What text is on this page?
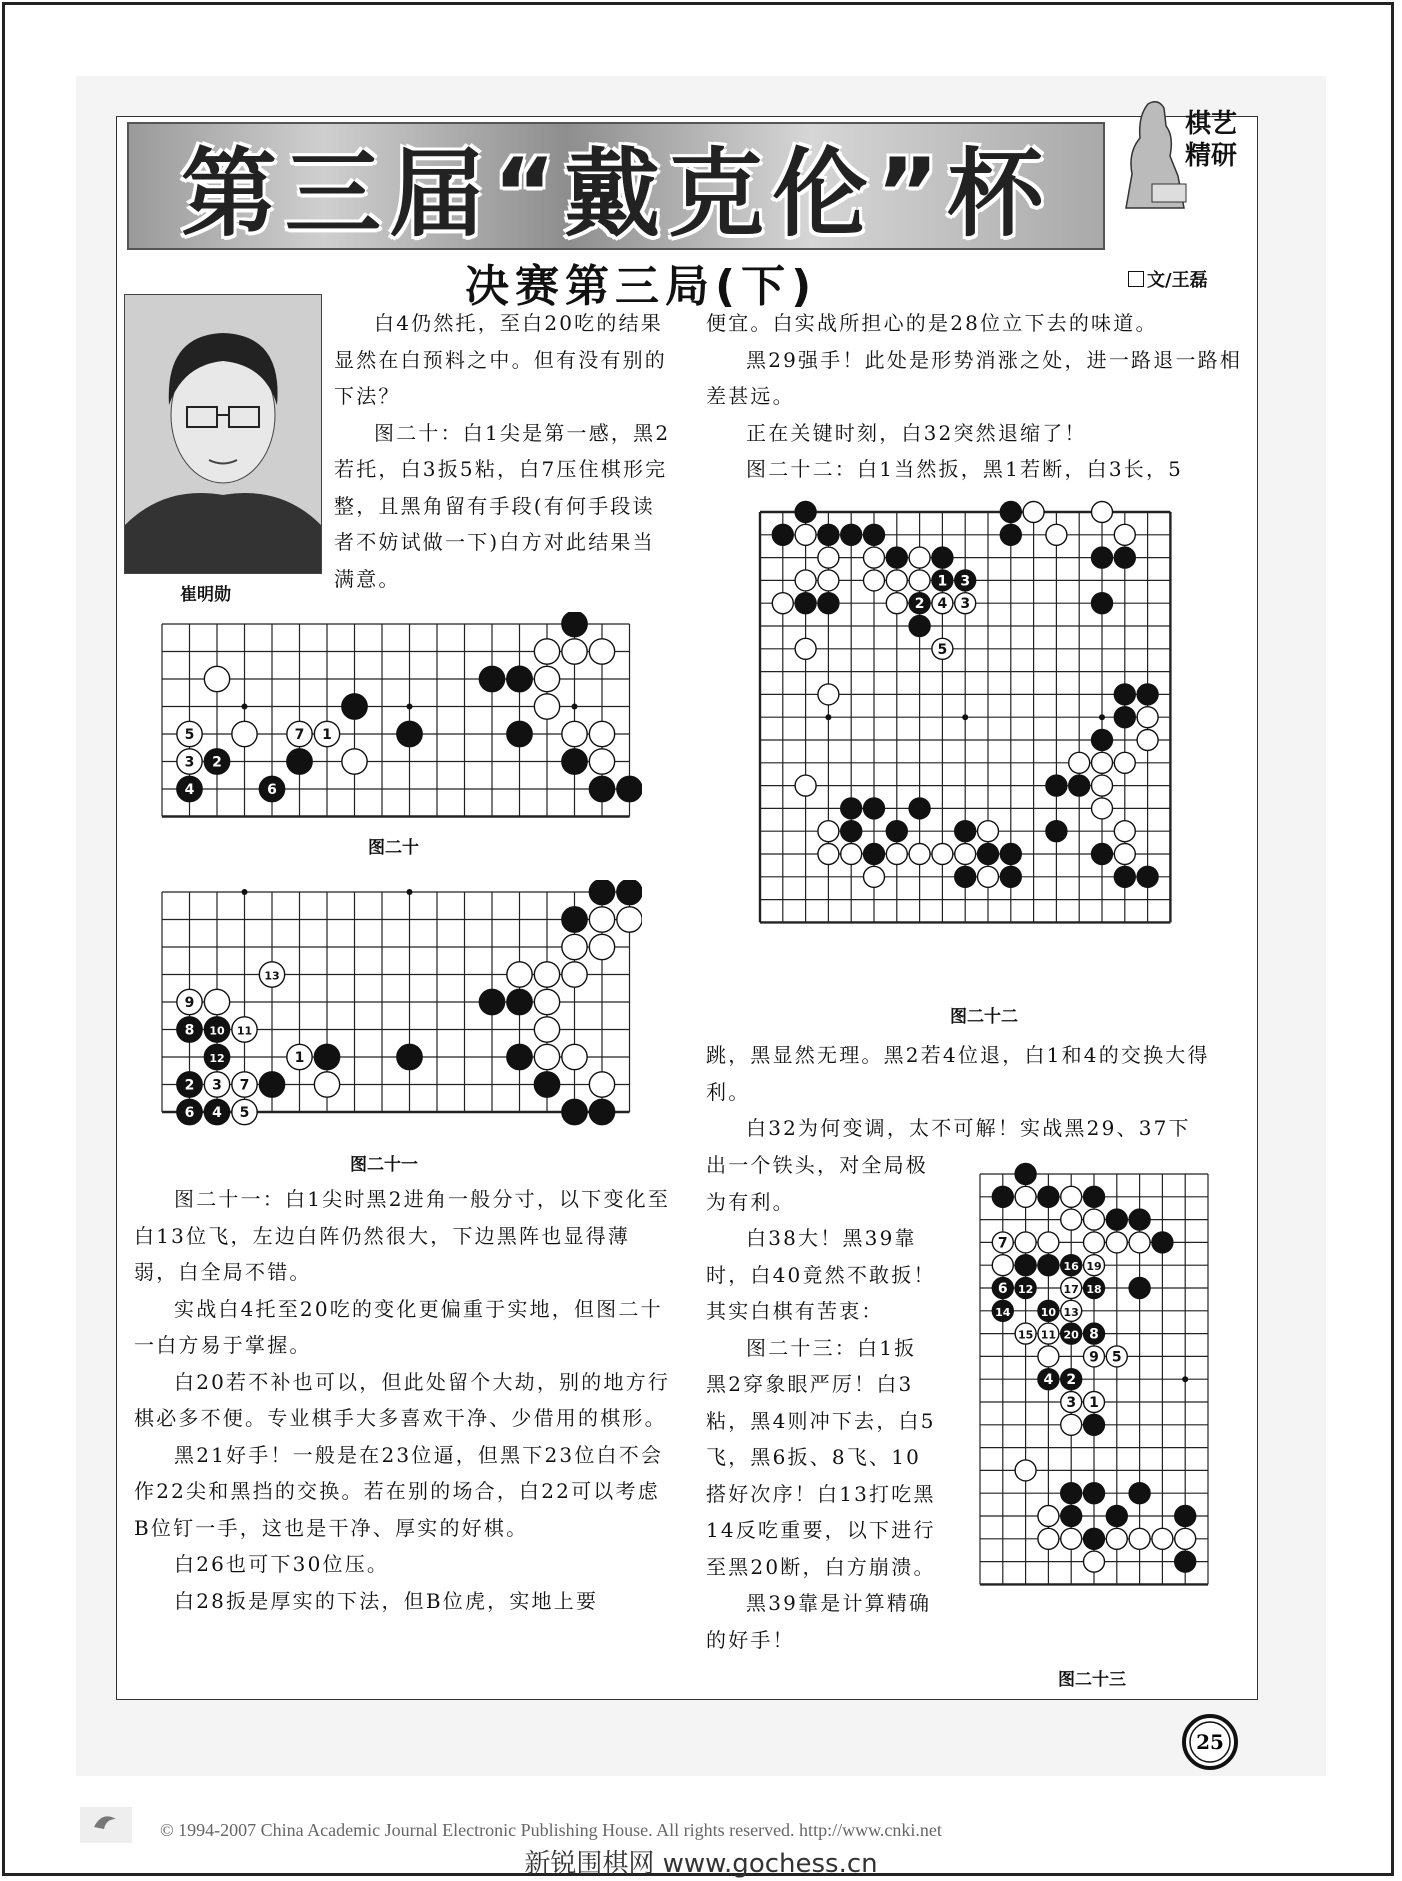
第三届“戴克伦”杯
棋艺精研
决赛第三局(下)	文/王磊
崔明勋

白4仍然托，至白20吃的结果显然在白预料之中。但有没有别的下法？

图二十：白1尖是第一感，黑2若托，白3扳5粘，白7压住棋形完整，且黑角留有手段(有何手段读者不妨试做一下)白方对此结果当满意。

5	7 1
3 2
4	6
图二十
13
9
8 10 11
12	1
2 3 7
6 4 5
图二十一

图二十一：白1尖时黑2进角一般分寸，以下变化至白13位飞，左边白阵仍然很大，下边黑阵也显得薄弱，白全局不错。

实战白4托至20吃的变化更偏重于实地，但图二十一白方易于掌握。

白20若不补也可以，但此处留个大劫，别的地方行棋必多不便。专业棋手大多喜欢干净、少借用的棋形。

黑21好手！一般是在23位逼，但黑下23位白不会作22尖和黑挡的交换。若在别的场合，白22可以考虑B位钉一手，这也是干净、厚实的好棋。

白26也可下30位压。

白28扳是厚实的下法，但B位虎，实地上要

便宜。白实战所担心的是28位立下去的味道。

黑29强手！此处是形势消涨之处，进一路退一路相差甚远。

正在关键时刻，白32突然退缩了！

图二十二：白1当然扳，黑1若断，白3长，5

1 3
2 4 3
5
图二十二

跳，黑显然无理。黑2若4位退，白1和4的交换大得利。

白32为何变调，太不可解！实战黑29、37下

出一个铁头，对全局极为有利。

白38大！黑39靠时，白40竟然不敢扳！其实白棋有苦衷：

图二十三：白1扳黑2穿象眼严厉！白3粘，黑4则冲下去，白5飞，黑6扳、8飞、10搭好次序！白13打吃黑14反吃重要，以下进行至黑20断，白方崩溃。

黑39靠是计算精确的好手！

7
16 19
6 12	17 18
14	10 13
15 11 20 8
9 5
4 2
3 1
图二十三
25
© 1994-2007 China Academic Journal Electronic Publishing House. All rights reserved. http://www.cnki.net
新锐围棋网 www.gochess.cn
